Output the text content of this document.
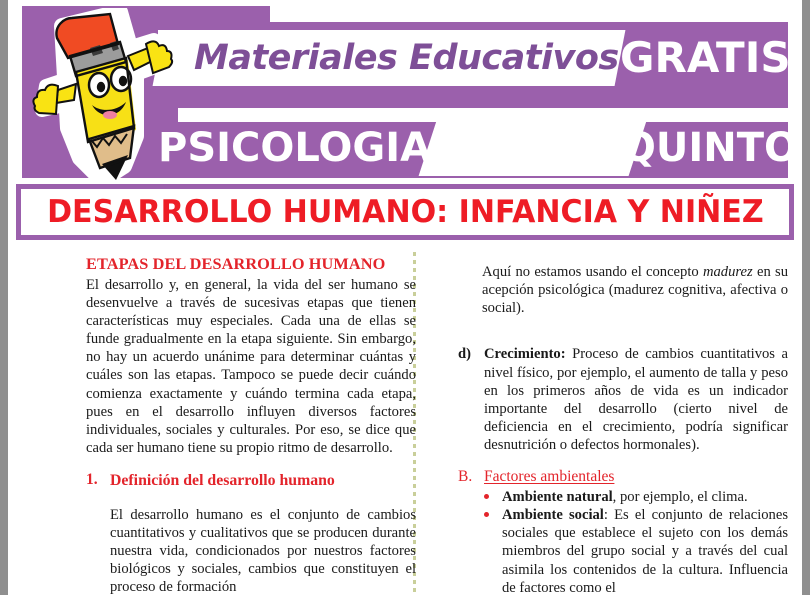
Materiales Educativos GRATIS
PSICOLOGIA	QUINTO
DESARROLLO HUMANO: INFANCIA Y NIÑEZ
ETAPAS DEL DESARROLLO HUMANO

El desarrollo y, en general, la vida del ser humano se desenvuelve a través de sucesivas etapas que tienen características muy especiales. Cada una de ellas se funde gradualmente en la etapa siguiente. Sin embargo, no hay un acuerdo unánime para determinar cuántas y cuáles son las etapas. Tampoco se puede decir cuándo comienza exactamente y cuándo termina cada etapa, pues en el desarrollo influyen diversos factores individuales, sociales y culturales. Por eso, se dice que cada ser humano tiene su propio ritmo de desarrollo.

1. Definición del desarrollo humano

El desarrollo humano es el conjunto de cambios cuantitativos y cualitativos que se producen durante nuestra vida, condicionados por nuestros factores biológicos y sociales, cambios que constituyen el proceso de formación

Aquí no estamos usando el concepto madurez en su acepción psicológica (madurez cognitiva, afectiva o social).

d) Crecimiento: Proceso de cambios cuantitativos a nivel físico, por ejemplo, el aumento de talla y peso en los primeros años de vida es un indicador importante del desarrollo (cierto nivel de deficiencia en el crecimiento, podría significar desnutrición o defectos hormonales).
B. Factores ambientales
Ambiente natural, por ejemplo, el clima.
Ambiente social: Es el conjunto de relaciones sociales que establece el sujeto con los demás miembros del grupo social y a través del cual asimila los contenidos de la cultura. Influencia de factores como el
